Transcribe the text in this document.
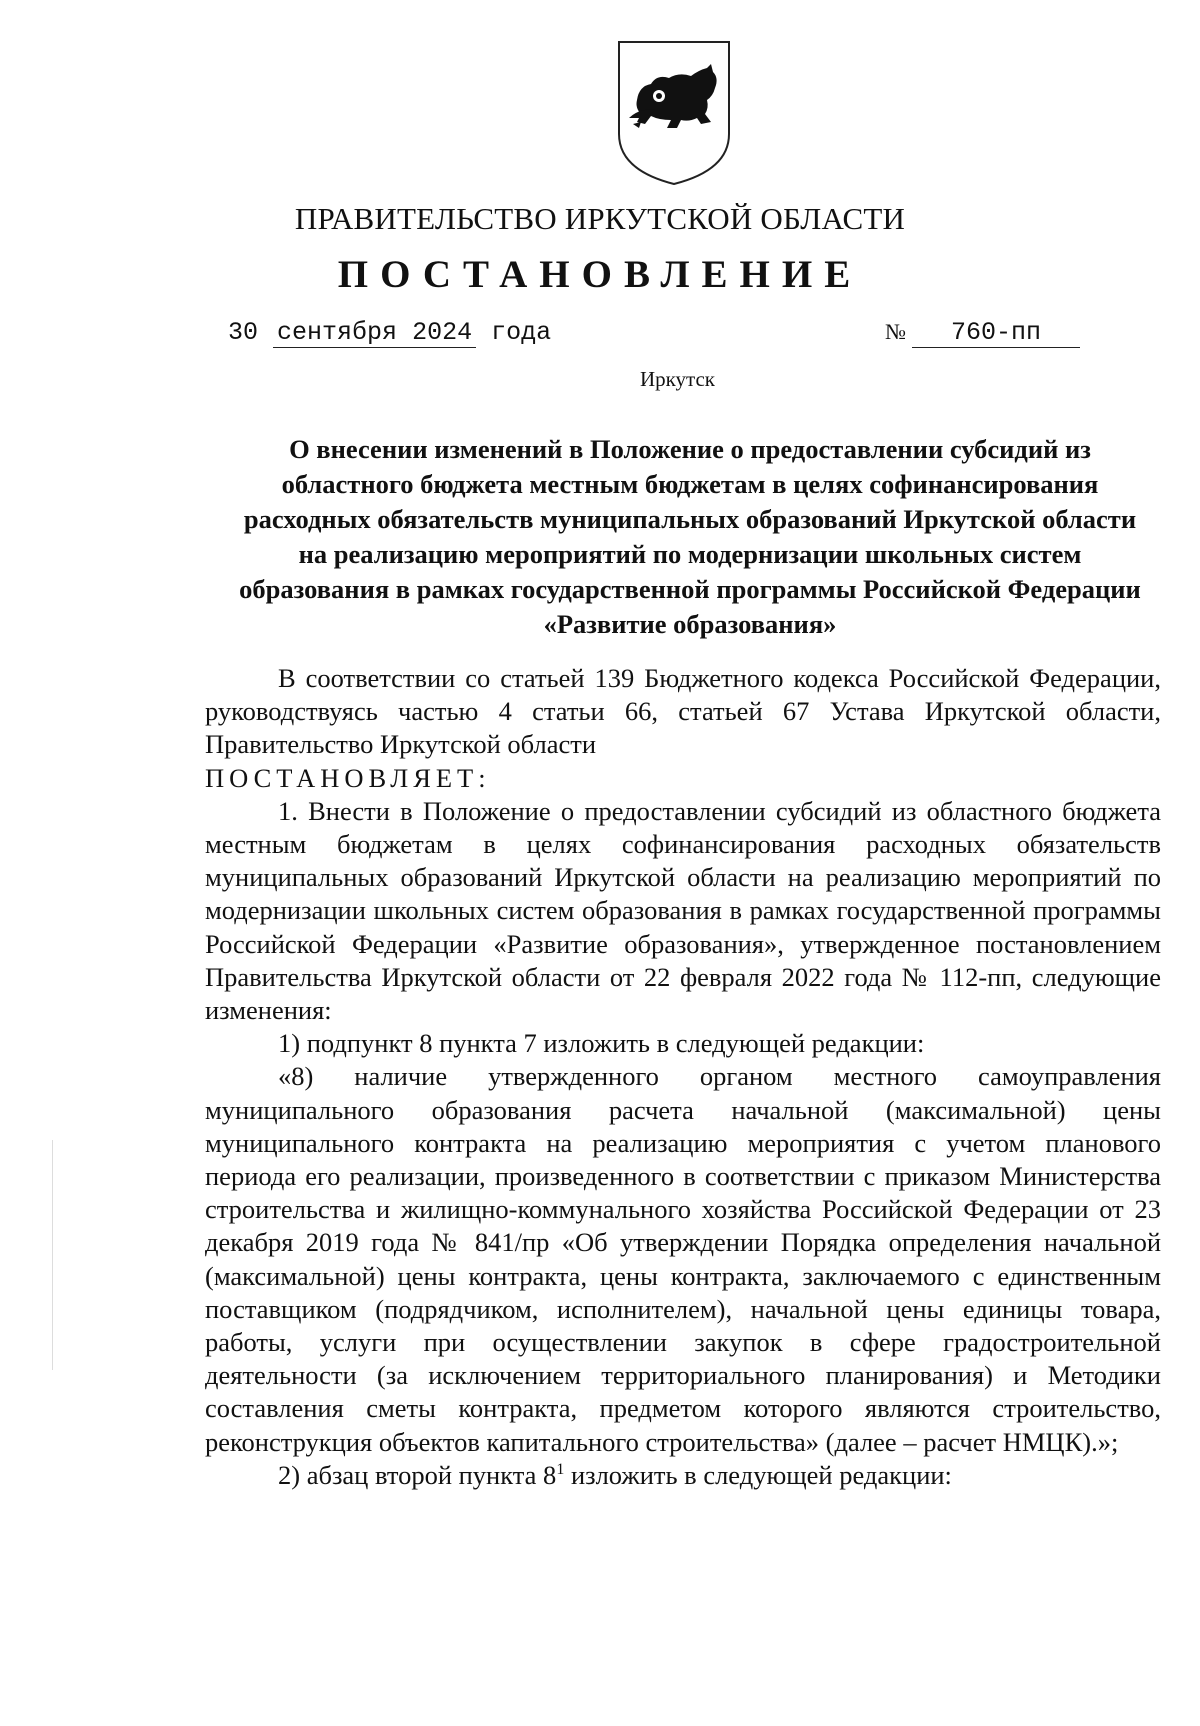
ПРАВИТЕЛЬСТВО ИРКУТСКОЙ ОБЛАСТИ
ПОСТАНОВЛЕНИЕ
30 сентября 2024 года	№ 760-пп
Иркутск
О внесении изменений в Положение о предоставлении субсидий из областного бюджета местным бюджетам в целях софинансирования расходных обязательств муниципальных образований Иркутской области на реализацию мероприятий по модернизации школьных систем образования в рамках государственной программы Российской Федерации «Развитие образования»

В соответствии со статьей 139 Бюджетного кодекса Российской Федерации, руководствуясь частью 4 статьи 66, статьей 67 Устава Иркутской области, Правительство Иркутской области

ПОСТАНОВЛЯЕТ:

1. Внести в Положение о предоставлении субсидий из областного бюджета местным бюджетам в целях софинансирования расходных обязательств муниципальных образований Иркутской области на реализацию мероприятий по модернизации школьных систем образования в рамках государственной программы Российской Федерации «Развитие образования», утвержденное постановлением Правительства Иркутской области от 22 февраля 2022 года № 112-пп, следующие изменения:

1) подпункт 8 пункта 7 изложить в следующей редакции:

«8) наличие утвержденного органом местного самоуправления муниципального образования расчета начальной (максимальной) цены муниципального контракта на реализацию мероприятия с учетом планового периода его реализации, произведенного в соответствии с приказом Министерства строительства и жилищно-коммунального хозяйства Российской Федерации от 23 декабря 2019 года № 841/пр «Об утверждении Порядка определения начальной (максимальной) цены контракта, цены контракта, заключаемого с единственным поставщиком (подрядчиком, исполнителем), начальной цены единицы товара, работы, услуги при осуществлении закупок в сфере градостроительной деятельности (за исключением территориального планирования) и Методики составления сметы контракта, предметом которого являются строительство, реконструкция объектов капитального строительства» (далее – расчет НМЦК).»;

2) абзац второй пункта $8^1$ изложить в следующей редакции:
